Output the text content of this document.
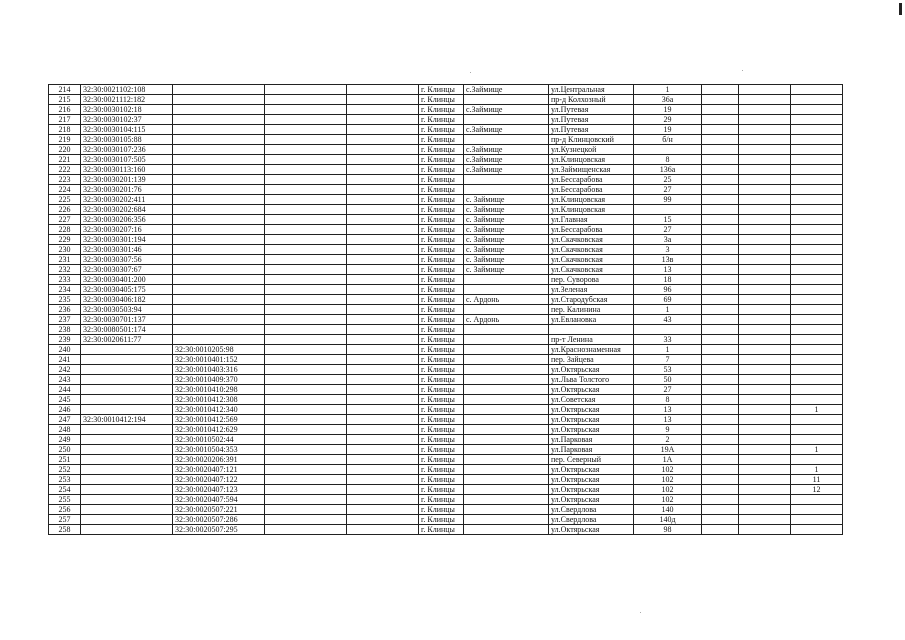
214	32:30:0021102:108				г. Клинцы	с.Займище	ул.Центральная	1			
215	32:30:0021112:182				г. Клинцы		пр-д Колхозный	36а			
216	32:30:0030102:18				г. Клинцы	с.Займище	ул.Путевая	19			
217	32:30:0030102:37				г. Клинцы		ул.Путевая	29			
218	32:30:0030104:115				г. Клинцы	с.Займище	ул.Путевая	19			
219	32:30:0030105:88				г. Клинцы		пр-д Клинцовский	б/н			
220	32:30:0030107:236				г. Клинцы	с.Займище	ул.Кузнецкой				
221	32:30:0030107:505				г. Клинцы	с.Займище	ул.Клинцовская	8			
222	32:30:0030113:160				г. Клинцы	с.Займище	ул.Займищенская	136а			
223	32:30:0030201:139				г. Клинцы		ул.Бессарабова	25			
224	32:30:0030201:76				г. Клинцы		ул.Бессарабова	27			
225	32:30:0030202:411				г. Клинцы	с. Займище	ул.Клинцовская	99			
226	32:30:0030202:684				г. Клинцы	с. Займище	ул.Клинцовская				
227	32:30:0030206:356				г. Клинцы	с. Займище	ул.Главная	15			
228	32:30:0030207:16				г. Клинцы	с. Займище	ул.Бессарабова	27			
229	32:30:0030301:194				г. Клинцы	с. Займище	ул.Скачковская	3а			
230	32:30:0030301:46				г. Клинцы	с. Займище	ул.Скачковская	3			
231	32:30:0030307:56				г. Клинцы	с. Займище	ул.Скачковская	13в			
232	32:30:0030307:67				г. Клинцы	с. Займище	ул.Скачковская	13			
233	32:30:0030401:200				г. Клинцы		пер. Суворова	18			
234	32:30:0030405:175				г. Клинцы		ул.Зеленая	96			
235	32:30:0030406:182				г. Клинцы	с. Ардонь	ул.Стародубская	69			
236	32:30:0030503:94				г. Клинцы		пер. Калинина	1			
237	32:30:0030701:137				г. Клинцы	с. Ардонь	ул.Евлановка	43			
238	32:30:0080501:174				г. Клинцы						
239	32:30:0020611:77				г. Клинцы		пр-т Ленина	33			
240		32:30:0010205:98			г. Клинцы		ул.Краснознаменная	1			
241		32:30:0010401:152			г. Клинцы		пер. Зайцева	7			
242		32:30:0010403:316			г. Клинцы		ул.Октярьская	53			
243		32:30:0010409:370			г. Клинцы		ул.Льва Толстого	50			
244		32:30:0010410:298			г. Клинцы		ул.Октярьская	27			
245		32:30:0010412:308			г. Клинцы		ул.Советская	8			
246		32:30:0010412:340			г. Клинцы		ул.Октярьская	13			1
247	32:30:0010412:194	32:30:0010412:569			г. Клинцы		ул.Октярьская	13			
248		32:30:0010412:629			г. Клинцы		ул.Октярьская	9			
249		32:30:0010502:44			г. Клинцы		ул.Парковая	2			
250		32:30:0010504:353			г. Клинцы		ул.Парковая	19А			1
251		32:30:0020206:391			г. Клинцы		пер. Северный	1А			
252		32:30:0020407:121			г. Клинцы		ул.Октярьская	102			1
253		32:30:0020407:122			г. Клинцы		ул.Октярьская	102			11
254		32:30:0020407:123			г. Клинцы		ул.Октярьская	102			12
255		32:30:0020407:594			г. Клинцы		ул.Октярьская	102			
256		32:30:0020507:221			г. Клинцы		ул.Свердлова	140			
257		32:30:0020507:286			г. Клинцы		ул.Свердлова	140д			
258		32:30:0020507:295			г. Клинцы		ул.Октярьская	98			
